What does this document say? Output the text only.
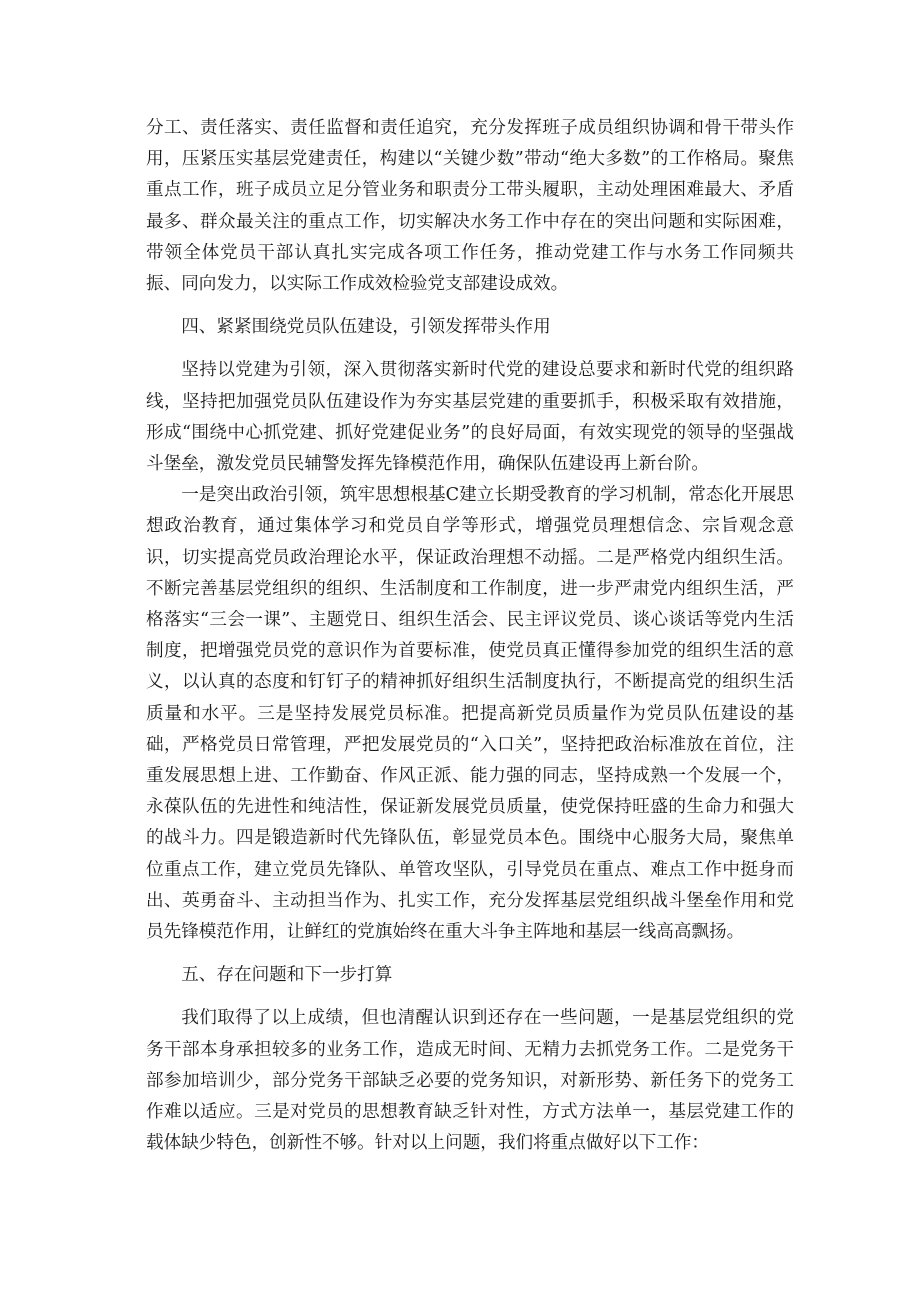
分工、责任落实、责任监督和责任追究，充分发挥班子成员组织协调和骨干带头作用，压紧压实基层党建责任，构建以“关键少数”带动“绝大多数”的工作格局。聚焦重点工作，班子成员立足分管业务和职责分工带头履职，主动处理困难最大、矛盾最多、群众最关注的重点工作，切实解决水务工作中存在的突出问题和实际困难，带领全体党员干部认真扎实完成各项工作任务，推动党建工作与水务工作同频共振、同向发力，以实际工作成效检验党支部建设成效。

四、紧紧围绕党员队伍建设，引领发挥带头作用

坚持以党建为引领，深入贯彻落实新时代党的建设总要求和新时代党的组织路线，坚持把加强党员队伍建设作为夯实基层党建的重要抓手，积极采取有效措施，形成“围绕中心抓党建、抓好党建促业务”的良好局面，有效实现党的领导的坚强战斗堡垒，激发党员民辅警发挥先锋模范作用，确保队伍建设再上新台阶。

一是突出政治引领，筑牢思想根基C建立长期受教育的学习机制，常态化开展思想政治教育，通过集体学习和党员自学等形式，增强党员理想信念、宗旨观念意识，切实提高党员政治理论水平，保证政治理想不动摇。二是严格党内组织生活。不断完善基层党组织的组织、生活制度和工作制度，进一步严肃党内组织生活，严格落实“三会一课”、主题党日、组织生活会、民主评议党员、谈心谈话等党内生活制度，把增强党员党的意识作为首要标准，使党员真正懂得参加党的组织生活的意义，以认真的态度和钉钉子的精神抓好组织生活制度执行，不断提高党的组织生活质量和水平。三是坚持发展党员标准。把提高新党员质量作为党员队伍建设的基础，严格党员日常管理，严把发展党员的“入口关”，坚持把政治标准放在首位，注重发展思想上进、工作勤奋、作风正派、能力强的同志，坚持成熟一个发展一个，永葆队伍的先进性和纯洁性，保证新发展党员质量，使党保持旺盛的生命力和强大的战斗力。四是锻造新时代先锋队伍，彰显党员本色。围绕中心服务大局，聚焦单位重点工作，建立党员先锋队、单管攻坚队，引导党员在重点、难点工作中挺身而出、英勇奋斗、主动担当作为、扎实工作，充分发挥基层党组织战斗堡垒作用和党员先锋模范作用，让鲜红的党旗始终在重大斗争主阵地和基层一线高高飘扬。

五、存在问题和下一步打算

我们取得了以上成绩，但也清醒认识到还存在一些问题，一是基层党组织的党务干部本身承担较多的业务工作，造成无时间、无精力去抓党务工作。二是党务干部参加培训少，部分党务干部缺乏必要的党务知识，对新形势、新任务下的党务工作难以适应。三是对党员的思想教育缺乏针对性，方式方法单一，基层党建工作的载体缺少特色，创新性不够。针对以上问题，我们将重点做好以下工作：
